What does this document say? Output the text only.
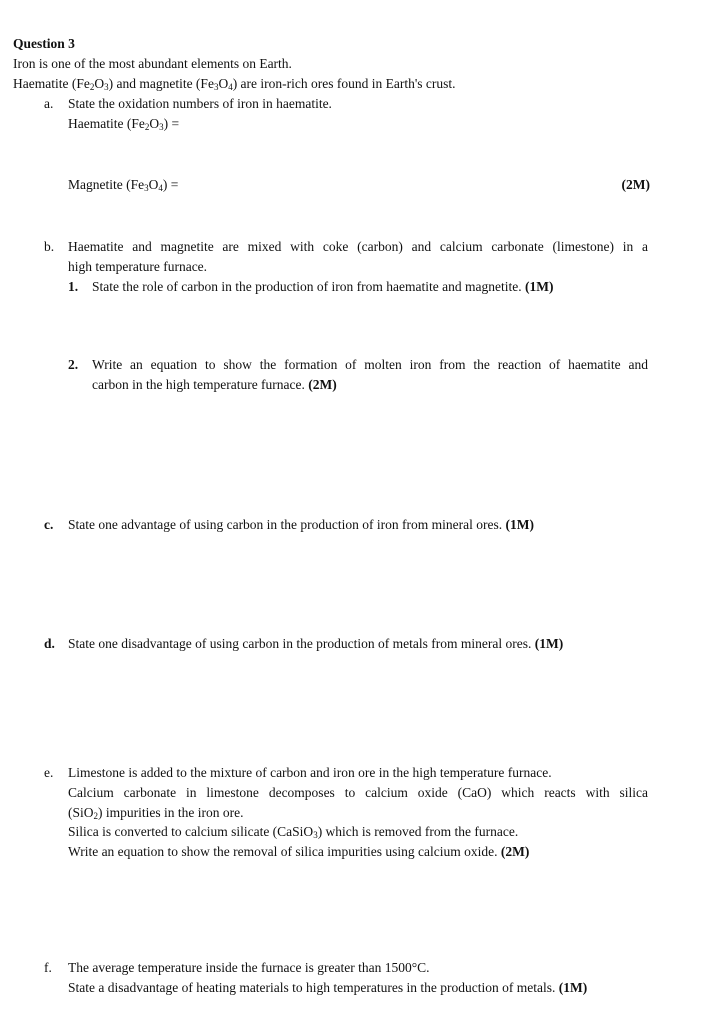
Question 3
Iron is one of the most abundant elements on Earth.
Haematite $(Fe_2O_3)$ and magnetite $(Fe_3O_4)$ are iron-rich ores found in Earth's crust.
a. State the oxidation numbers of iron in haematite.
Haematite $(Fe_2O_3)$ =
Magnetite $(Fe_3O_4)$ =	(2M)
b. Haematite and magnetite are mixed with coke (carbon) and calcium carbonate (limestone) in a
high temperature furnace.
1. State the role of carbon in the production of iron from haematite and magnetite. (1M)
2. Write an equation to show the formation of molten iron from the reaction of haematite and
carbon in the high temperature furnace. (2M)
c. State one advantage of using carbon in the production of iron from mineral ores. (1M)
d. State one disadvantage of using carbon in the production of metals from mineral ores. (1M)
e. Limestone is added to the mixture of carbon and iron ore in the high temperature furnace.
Calcium carbonate in limestone decomposes to calcium oxide (CaO) which reacts with silica
(SiO$_2$) impurities in the iron ore.
Silica is converted to calcium silicate (CaSiO$_3$) which is removed from the furnace.
Write an equation to show the removal of silica impurities using calcium oxide. (2M)
f. The average temperature inside the furnace is greater than 1500°C.
State a disadvantage of heating materials to high temperatures in the production of metals. (1M)
